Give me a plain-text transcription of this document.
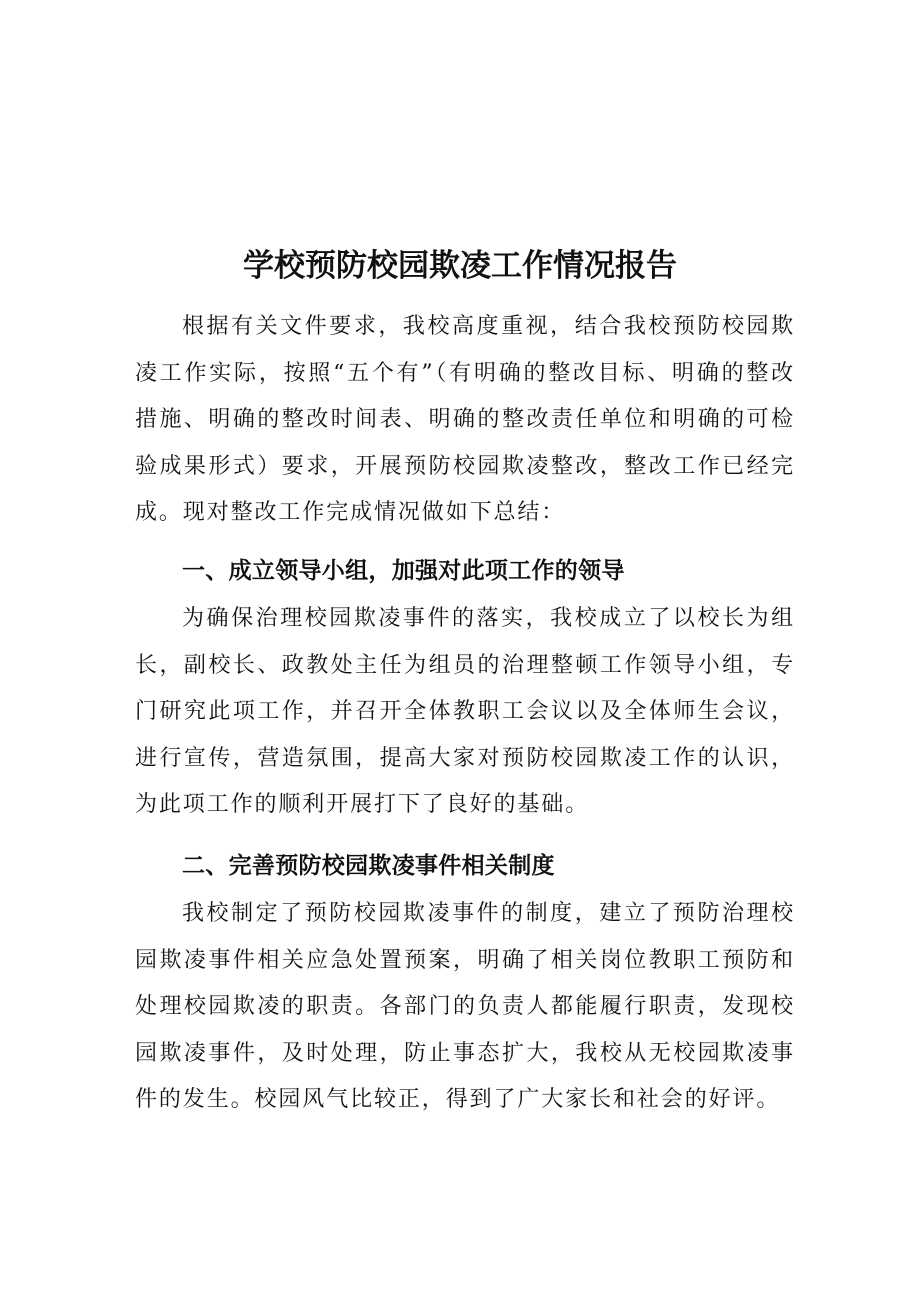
学校预防校园欺凌工作情况报告

根据有关文件要求，我校高度重视，结合我校预防校园欺凌工作实际，按照“五个有”（有明确的整改目标、明确的整改措施、明确的整改时间表、明确的整改责任单位和明确的可检验成果形式）要求，开展预防校园欺凌整改，整改工作已经完成。现对整改工作完成情况做如下总结：

一、成立领导小组，加强对此项工作的领导

为确保治理校园欺凌事件的落实，我校成立了以校长为组长，副校长、政教处主任为组员的治理整顿工作领导小组，专门研究此项工作，并召开全体教职工会议以及全体师生会议，进行宣传，营造氛围，提高大家对预防校园欺凌工作的认识，为此项工作的顺利开展打下了良好的基础。

二、完善预防校园欺凌事件相关制度

我校制定了预防校园欺凌事件的制度，建立了预防治理校园欺凌事件相关应急处置预案，明确了相关岗位教职工预防和处理校园欺凌的职责。各部门的负责人都能履行职责，发现校园欺凌事件，及时处理，防止事态扩大，我校从无校园欺凌事件的发生。校园风气比较正，得到了广大家长和社会的好评。
